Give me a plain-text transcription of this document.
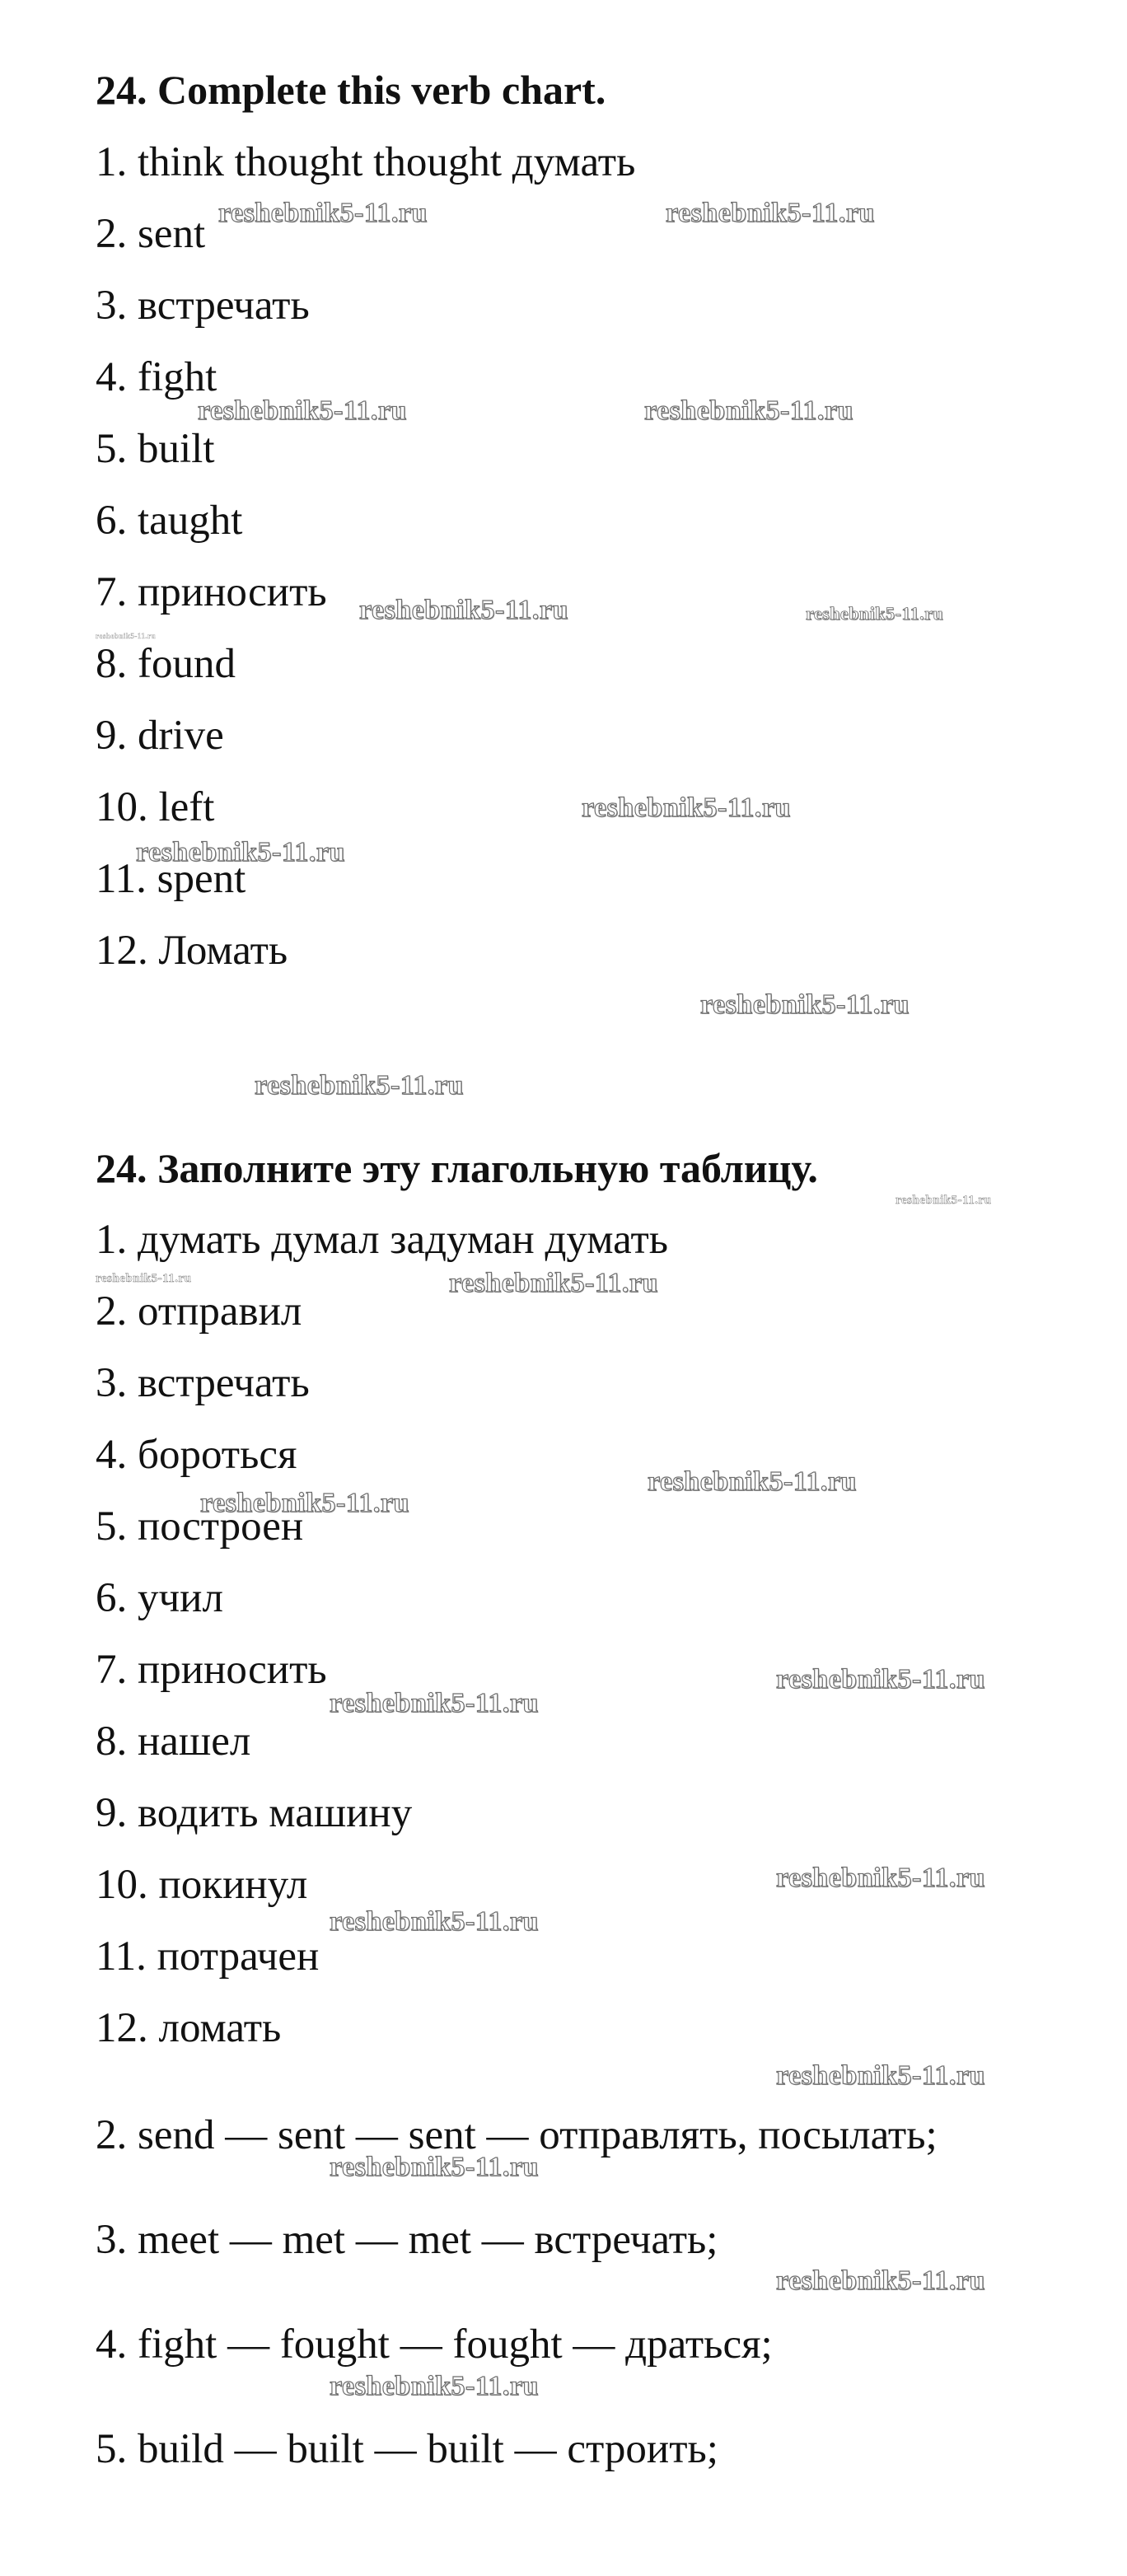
24. Complete this verb chart.
1. think thought thought думать
2. sent
3. встречать
4. fight
5. built
6. taught
7. приносить
8. found
9. drive
10. left
11. spent
12. Ломать
24. Заполните эту глагольную таблицу.
1. думать думал задуман думать
2. отправил
3. встречать
4. бороться
5. построен
6. учил
7. приносить
8. нашел
9. водить машину
10. покинул
11. потрачен
12. ломать
2. send — sent — sent — отправлять, посылать;
3. meet — met — met — встречать;
4. fight — fought — fought — драться;
5. build — built — built — строить;
reshebnik5-11.ru	reshebnik5-11.ru
reshebnik5-11.ru	reshebnik5-11.ru
reshebnik5-11.ru	reshebnik5-11.ru
reshebnik5-11.ru
reshebnik5-11.ru
reshebnik5-11.ru
reshebnik5-11.ru
reshebnik5-11.ru
reshebnik5-11.ru
reshebnik5-11.ru	reshebnik5-11.ru
reshebnik5-11.ru
reshebnik5-11.ru
reshebnik5-11.ru
reshebnik5-11.ru
reshebnik5-11.ru
reshebnik5-11.ru
reshebnik5-11.ru
reshebnik5-11.ru
reshebnik5-11.ru
reshebnik5-11.ru
